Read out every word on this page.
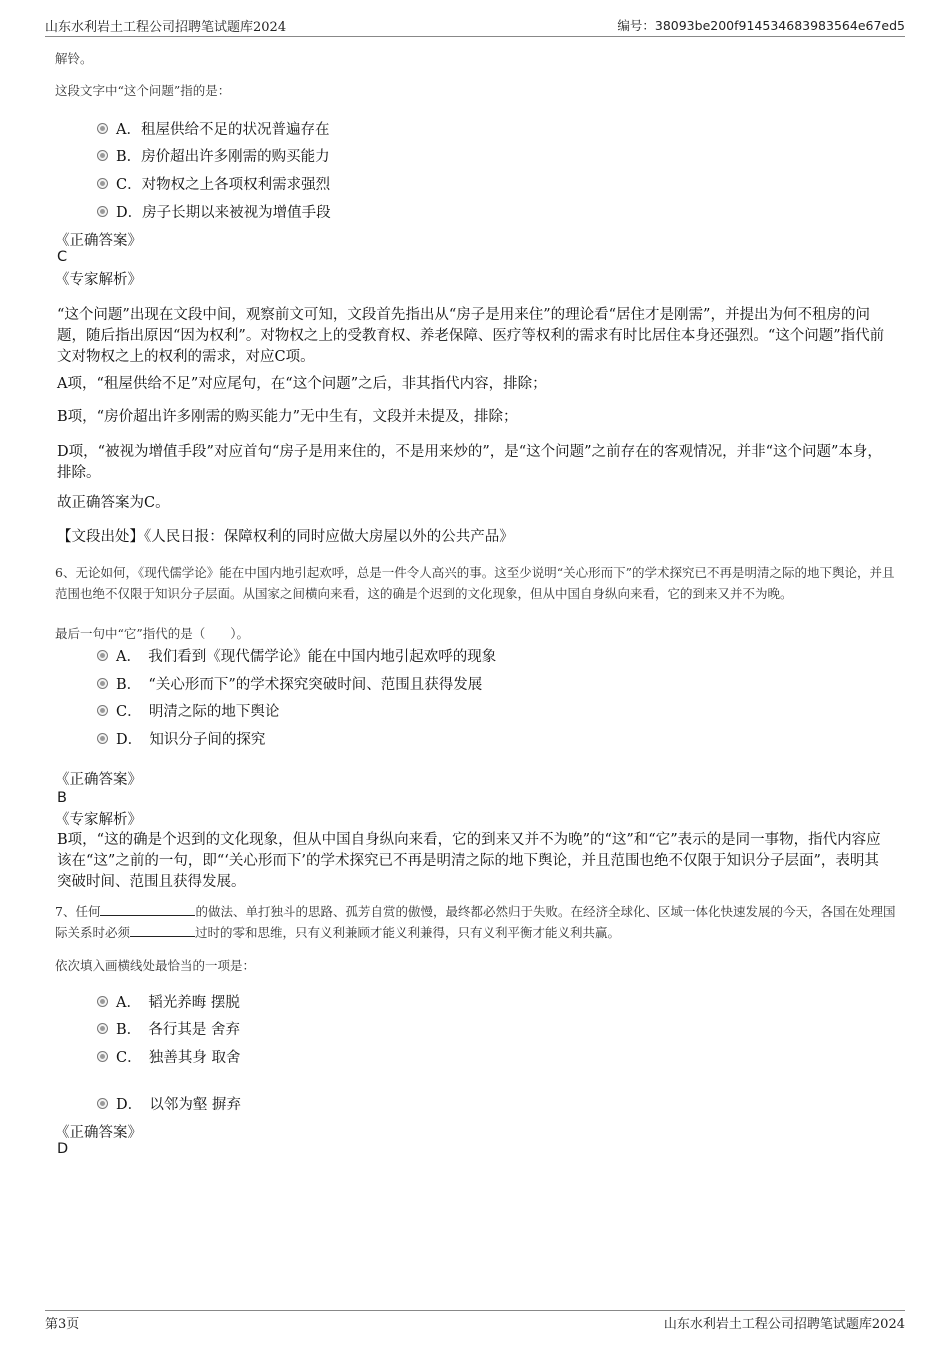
山东水利岩土工程公司招聘笔试题库2024	编号：38093be200f914534683983564e67ed5
解铃。
这段文字中“这个问题”指的是：
A．租屋供给不足的状况普遍存在
B．房价超出许多刚需的购买能力
C．对物权之上各项权利需求强烈
D．房子长期以来被视为增值手段
《正确答案》
C
《专家解析》
“这个问题”出现在文段中间，观察前文可知，文段首先指出从“房子是用来住”的理论看“居住才是刚需”，并提出为何不租房的问题，随后指出原因“因为权利”。对物权之上的受教育权、养老保障、医疗等权利的需求有时比居住本身还强烈。“这个问题”指代前文对物权之上的权利的需求，对应C项。
A项，“租屋供给不足”对应尾句，在“这个问题”之后，非其指代内容，排除；
B项，“房价超出许多刚需的购买能力”无中生有，文段并未提及，排除；
D项，“被视为增值手段”对应首句“房子是用来住的，不是用来炒的”，是“这个问题”之前存在的客观情况，并非“这个问题”本身，排除。
故正确答案为C。
【文段出处】《人民日报：保障权利的同时应做大房屋以外的公共产品》
6、无论如何，《现代儒学论》能在中国内地引起欢呼，总是一件令人高兴的事。这至少说明“关心形而下”的学术探究已不再是明清之际的地下舆论，并且范围也绝不仅限于知识分子层面。从国家之间横向来看，这的确是个迟到的文化现象，但从中国自身纵向来看，它的到来又并不为晚。
最后一句中“它”指代的是（　　）。
A．　我们看到《现代儒学论》能在中国内地引起欢呼的现象
B．　“关心形而下”的学术探究突破时间、范围且获得发展
C．　明清之际的地下舆论
D．　知识分子间的探究
《正确答案》
B
《专家解析》
B项，“这的确是个迟到的文化现象，但从中国自身纵向来看，它的到来又并不为晚”的“这”和“它”表示的是同一事物，指代内容应该在“这”之前的一句，即“‘关心形而下’的学术探究已不再是明清之际的地下舆论，并且范围也绝不仅限于知识分子层面”，表明其突破时间、范围且获得发展。
7、任何	的做法、单打独斗的思路、孤芳自赏的傲慢，最终都必然归于失败。在经济全球化、区域一体化快速发展的今天，各国在处理国际关系时必须	过时的零和思维，只有义利兼顾才能义利兼得，只有义利平衡才能义利共赢。
依次填入画横线处最恰当的一项是：
A．　韬光养晦 摆脱
B．　各行其是 舍弃
C．　独善其身 取舍
D．　以邻为壑 摒弃
《正确答案》
D
第3页	山东水利岩土工程公司招聘笔试题库2024
